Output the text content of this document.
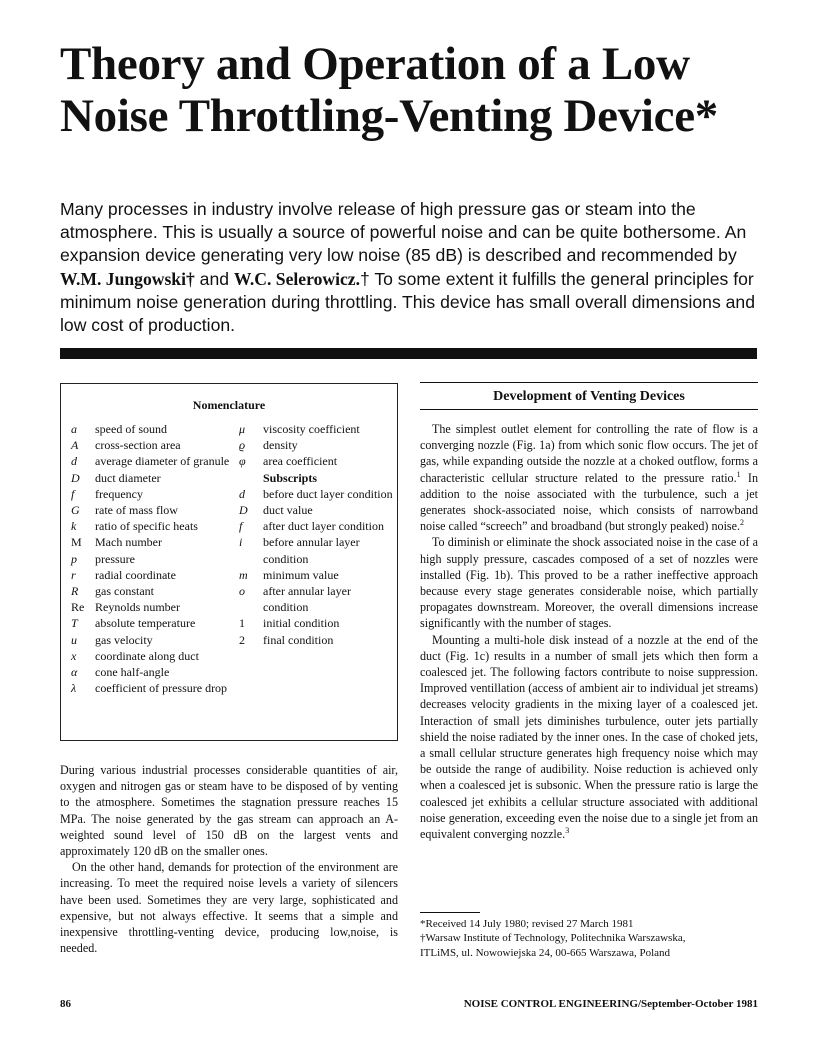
Theory and Operation of a Low Noise Throttling-Venting Device*

Many processes in industry involve release of high pressure gas or steam into the atmosphere. This is usually a source of powerful noise and can be quite bothersome. An expansion device generating very low noise (85 dB) is described and recommended by W.M. Jungowski† and W.C. Selerowicz.† To some extent it fulfills the general principles for minimum noise generation during throttling. This device has small overall dimensions and low cost of production.

Nomenclature
a	speed of sound
A	cross-section area
d	average diameter of granule
D	duct diameter
f	frequency
G	rate of mass flow
k	ratio of specific heats
M	Mach number
p	pressure
r	radial coordinate
R	gas constant
Re Reynolds number
T	absolute temperature
u	gas velocity
x	coordinate along duct
α	cone half-angle
λ	coefficient of pressure drop
μ	viscosity coefficient
ϱ	density
φ	area coefficient
Subscripts
d	before duct layer condition
D	duct value
f	after duct layer condition
i	before annular layer condition
m	minimum value
o	after annular layer condition
1	initial condition
2	final condition

During various industrial processes considerable quantities of air, oxygen and nitrogen gas or steam have to be disposed of by venting to the atmosphere. Sometimes the stagnation pressure reaches 15 MPa. The noise generated by the gas stream can approach an A-weighted sound level of 150 dB on the largest vents and approximately 120 dB on the smaller ones.

On the other hand, demands for protection of the environment are increasing. To meet the required noise levels a variety of silencers have been used. Sometimes they are very large, sophisticated and expensive, but not always effective. It seems that a simple and inexpensive throttling-venting device, producing low,noise, is needed.

Development of Venting Devices

The simplest outlet element for controlling the rate of flow is a converging nozzle (Fig. 1a) from which sonic flow occurs. The jet of gas, while expanding outside the nozzle at a choked outflow, forms a characteristic cellular structure related to the pressure ratio.$^1$ In addition to the noise associated with the turbulence, such a jet generates shock-associated noise, which consists of narrowband noise called “screech” and broadband (but strongly peaked) noise.$^2$

To diminish or eliminate the shock associated noise in the case of a high supply pressure, cascades composed of a set of nozzles were installed (Fig. 1b). This proved to be a rather ineffective approach because every stage generates considerable noise, which partially propagates downstream. Moreover, the overall dimensions increase significantly with the number of stages.

Mounting a multi-hole disk instead of a nozzle at the end of the duct (Fig. 1c) results in a number of small jets which then form a coalesced jet. The following factors contribute to noise suppression. Improved ventillation (access of ambient air to individual jet streams) decreases velocity gradients in the mixing layer of a coalesced jet. Interaction of small jets diminishes turbulence, outer jets partially shield the noise radiated by the inner ones. In the case of choked jets, a small cellular structure generates high frequency noise which may be outside the range of audibility. Noise reduction is achieved only when a coalesced jet is subsonic. When the pressure ratio is large the coalesced jet exhibits a cellular structure associated with additional noise generation, exceeding even the noise due to a single jet from an equivalent converging nozzle.$^3$

*Received 14 July 1980; revised 27 March 1981
†Warsaw Institute of Technology, Politechnika Warszawska,
ITLiMS, ul. Nowowiejska 24, 00-665 Warszawa, Poland
86	NOISE CONTROL ENGINEERING/September-October 1981
